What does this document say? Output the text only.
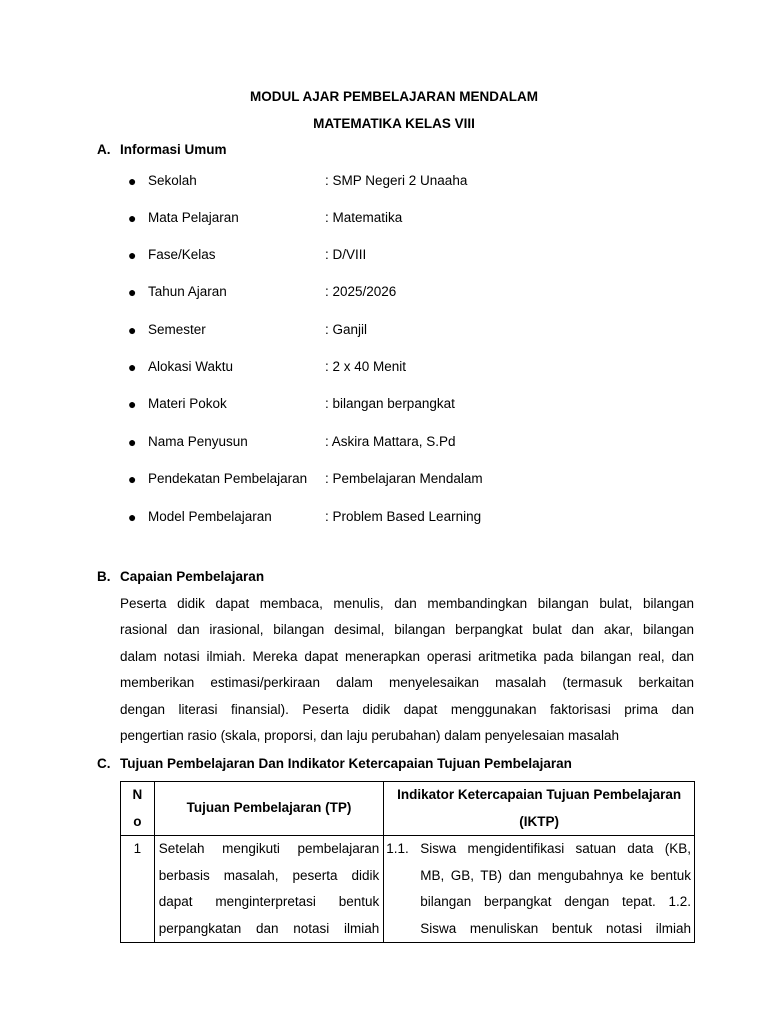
MODUL AJAR PEMBELAJARAN MENDALAM
MATEMATIKA KELAS VIII
A. Informasi Umum
● Sekolah	: SMP Negeri 2 Unaaha
● Mata Pelajaran	: Matematika
● Fase/Kelas	: D/VIII
● Tahun Ajaran	: 2025/2026
● Semester	: Ganjil
● Alokasi Waktu	: 2 x 40 Menit
● Materi Pokok	: bilangan berpangkat
● Nama Penyusun	: Askira Mattara, S.Pd
● Pendekatan Pembelajaran : Pembelajaran Mendalam
● Model Pembelajaran	: Problem Based Learning
B. Capaian Pembelajaran
Peserta didik dapat membaca, menulis, dan membandingkan bilangan bulat, bilangan
rasional dan irasional, bilangan desimal, bilangan berpangkat bulat dan akar, bilangan
dalam notasi ilmiah. Mereka dapat menerapkan operasi aritmetika pada bilangan real, dan
memberikan estimasi/perkiraan dalam menyelesaikan masalah (termasuk berkaitan
dengan literasi finansial). Peserta didik dapat menggunakan faktorisasi prima dan
pengertian rasio (skala, proporsi, dan laju perubahan) dalam penyelesaian masalah
C. Tujuan Pembelajaran Dan Indikator Ketercapaian Tujuan Pembelajaran
N
o	Tujuan Pembelajaran (TP)	Indikator Ketercapaian Tujuan Pembelajaran
(IKTP)

1	Setelah mengikuti pembelajaran
berbasis masalah, peserta didik
dapat menginterpretasi bentuk
perpangkatan dan notasi ilmiah	1.1. Siswa mengidentifikasi satuan data (KB,
MB, GB, TB) dan mengubahnya ke bentuk
bilangan berpangkat dengan tepat. 1.2.
Siswa menuliskan bentuk notasi ilmiah
